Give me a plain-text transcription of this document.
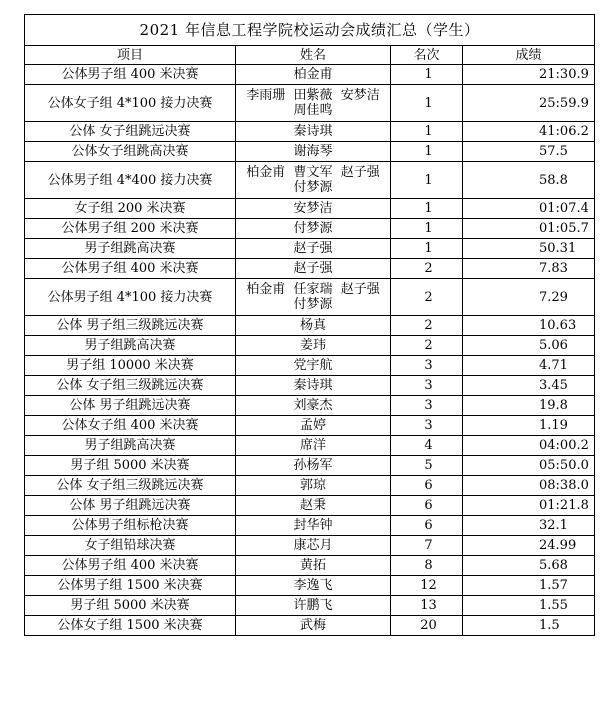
2021 年信息工程学院校运动会成绩汇总（学生）			
项目	姓名	名次	成绩
公体男子组 400 米决赛	柏金甫	1	21:30.9
公体女子组 4*100 接力决赛	李雨珊  田紫薇  安梦洁
周佳鸣	1	25:59.9
公体 女子组跳远决赛	秦诗琪	1	41:06.2
公体女子组跳高决赛	谢海琴	1	57.5
公体男子组 4*400 接力决赛	柏金甫  曹文军  赵子强
付梦源	1	58.8
女子组 200 米决赛	安梦洁	1	01:07.4
公体男子组 200 米决赛	付梦源	1	01:05.7
男子组跳高决赛	赵子强	1	50.31
公体男子组 400 米决赛	赵子强	2	7.83
公体男子组 4*100 接力决赛	柏金甫  任家瑞  赵子强
付梦源	2	7.29
公体 男子组三级跳远决赛	杨真	2	10.63
男子组跳高决赛	姜玮	2	5.06
男子组 10000 米决赛	党宇航	3	4.71
公体 女子组三级跳远决赛	秦诗琪	3	3.45
公体 男子组跳远决赛	刘豪杰	3	19.8
公体女子组 400 米决赛	孟婷	3	1.19
男子组跳高决赛	席洋	4	04:00.2
男子组 5000 米决赛	孙杨军	5	05:50.0
公体 女子组三级跳远决赛	郭琼	6	08:38.0
公体 男子组跳远决赛	赵秉	6	01:21.8
公体男子组标枪决赛	封华钟	6	32.1
女子组铅球决赛	康芯月	7	24.99
公体男子组 400 米决赛	黄拓	8	5.68
公体男子组 1500 米决赛	李逸飞	12	1.57
男子组 5000 米决赛	许鹏飞	13	1.55
公体女子组 1500 米决赛	武梅	20	1.5
